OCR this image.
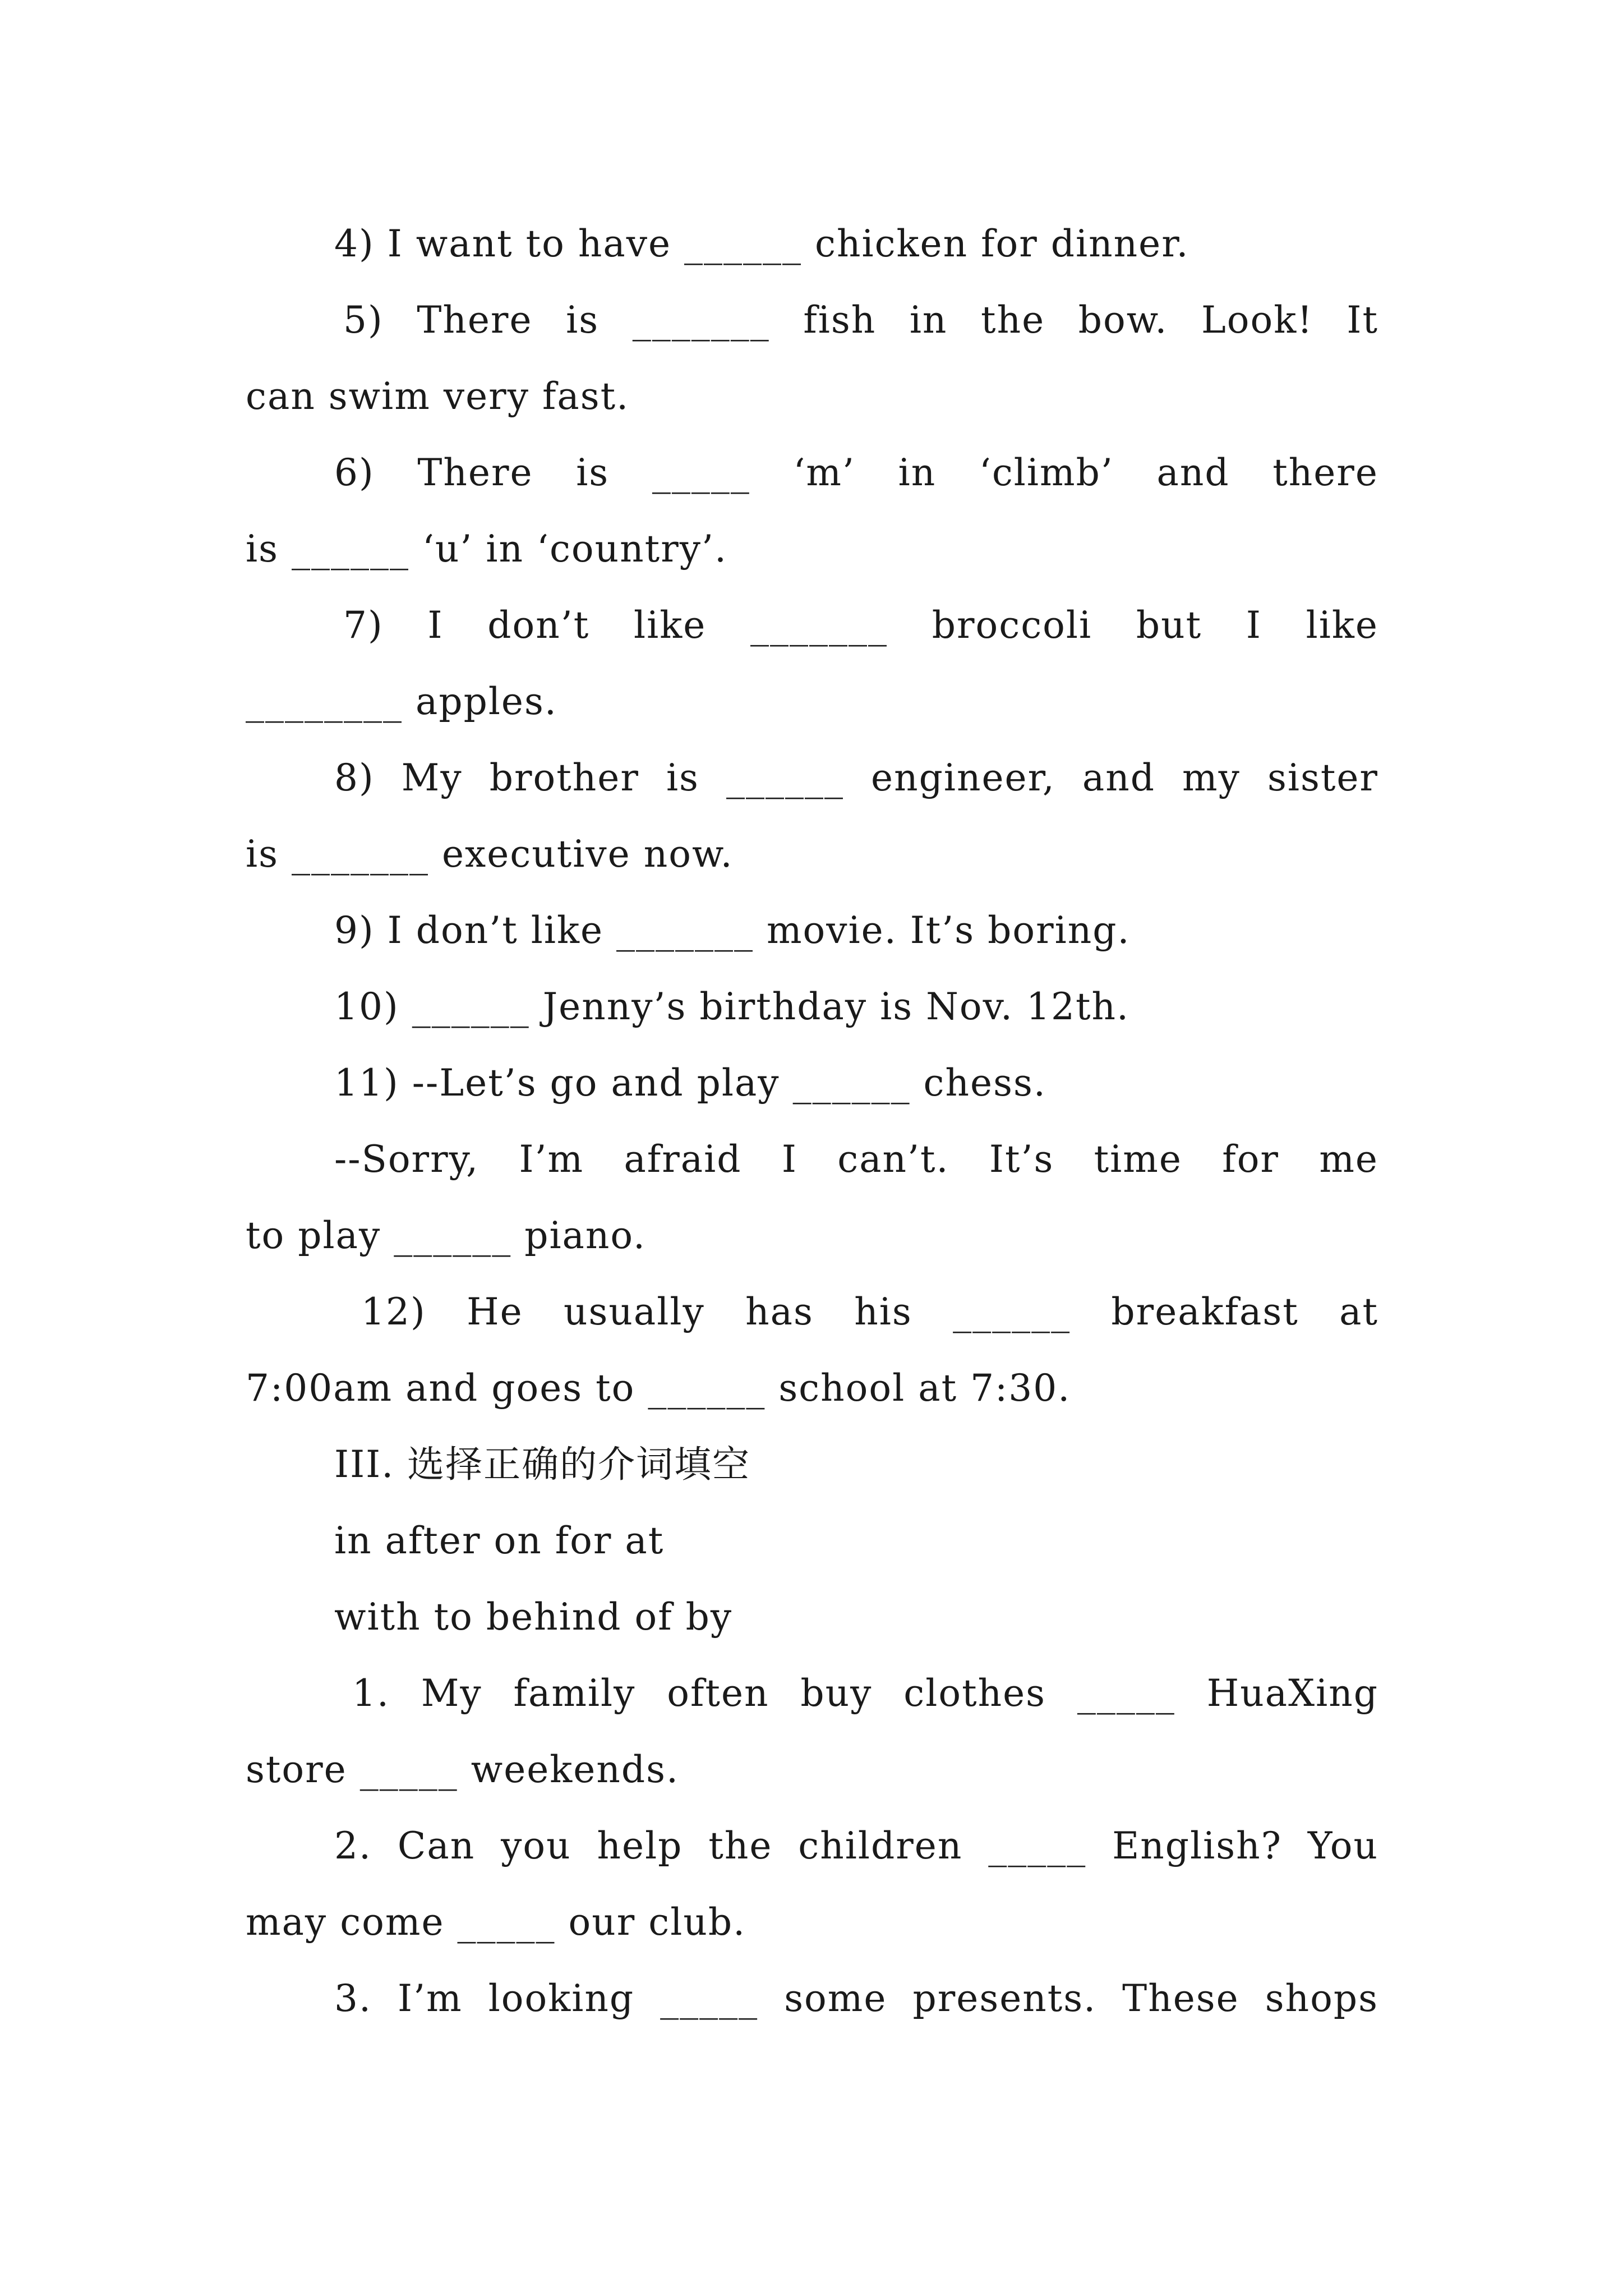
4) I want to have ______ chicken for dinner.
5) There is _______ fish in the bow. Look! It
can swim very fast.
6) There is _____ ‘m’ in ‘climb’ and there
is ______ ‘u’ in ‘country’.
7) I don’t like _______ broccoli but I like
________ apples.
8) My brother is ______ engineer, and my sister
is _______ executive now.
9) I don’t like _______ movie. It’s boring.
10) ______ Jenny’s birthday is Nov. 12th.
11) --Let’s go and play ______ chess.
--Sorry, I’m afraid I can’t. It’s time for me
to play ______ piano.
12) He usually has his ______ breakfast at
7:00am and goes to ______ school at 7:30.
III. 选择正确的介词填空
in after on for at
with to behind of by
1. My family often buy clothes _____ HuaXing
store _____ weekends.
2. Can you help the children _____ English? You
may come _____ our club.
3. I’m looking _____ some presents. These shops
